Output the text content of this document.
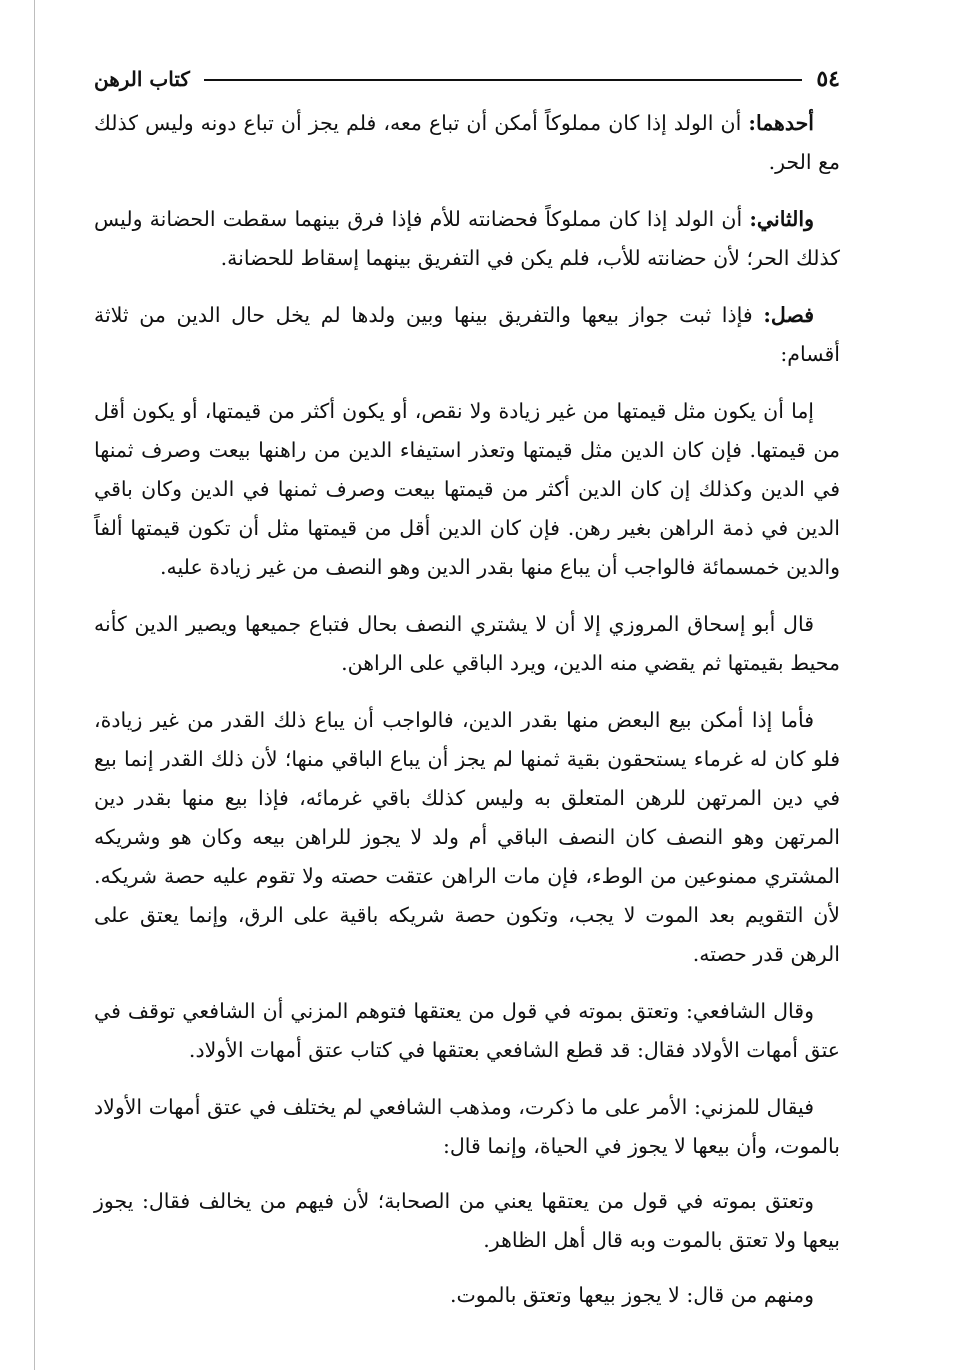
٥٤
كتاب الرهن

أحدهما: أن الولد إذا كان مملوكاً أمكن أن تباع معه، فلم يجز أن تباع دونه وليس كذلك مع الحر.

والثاني: أن الولد إذا كان مملوكاً فحضانته للأم فإذا فرق بينهما سقطت الحضانة وليس كذلك الحر؛ لأن حضانته للأب، فلم يكن في التفريق بينهما إسقاط للحضانة.

فصل: فإذا ثبت جواز بيعها والتفريق بينها وبين ولدها لم يخل حال الدين من ثلاثة أقسام:

إما أن يكون مثل قيمتها من غير زيادة ولا نقص، أو يكون أكثر من قيمتها، أو يكون أقل من قيمتها. فإن كان الدين مثل قيمتها وتعذر استيفاء الدين من راهنها بيعت وصرف ثمنها في الدين وكذلك إن كان الدين أكثر من قيمتها بيعت وصرف ثمنها في الدين وكان باقي الدين في ذمة الراهن بغير رهن. فإن كان الدين أقل من قيمتها مثل أن تكون قيمتها ألفاً والدين خمسمائة فالواجب أن يباع منها بقدر الدين وهو النصف من غير زيادة عليه.

قال أبو إسحاق المروزي إلا أن لا يشتري النصف بحال فتباع جميعها ويصير الدين كأنه محيط بقيمتها ثم يقضي منه الدين، ويرد الباقي على الراهن.

فأما إذا أمكن بيع البعض منها بقدر الدين، فالواجب أن يباع ذلك القدر من غير زيادة، فلو كان له غرماء يستحقون بقية ثمنها لم يجز أن يباع الباقي منها؛ لأن ذلك القدر إنما بيع في دين المرتهن للرهن المتعلق به وليس كذلك باقي غرمائه، فإذا بيع منها بقدر دين المرتهن وهو النصف كان النصف الباقي أم ولد لا يجوز للراهن بيعه وكان هو وشريكه المشتري ممنوعين من الوطء، فإن مات الراهن عتقت حصته ولا تقوم عليه حصة شريكه. لأن التقويم بعد الموت لا يجب، وتكون حصة شريكه باقية على الرق، وإنما يعتق على الرهن قدر حصته.

وقال الشافعي: وتعتق بموته في قول من يعتقها فتوهم المزني أن الشافعي توقف في عتق أمهات الأولاد فقال: قد قطع الشافعي بعتقها في كتاب عتق أمهات الأولاد.

فيقال للمزني: الأمر على ما ذكرت، ومذهب الشافعي لم يختلف في عتق أمهات الأولاد بالموت، وأن بيعها لا يجوز في الحياة، وإنما قال:

وتعتق بموته في قول من يعتقها يعني من الصحابة؛ لأن فيهم من يخالف فقال: يجوز بيعها ولا تعتق بالموت وبه قال أهل الظاهر.

ومنهم من قال: لا يجوز بيعها وتعتق بالموت.
